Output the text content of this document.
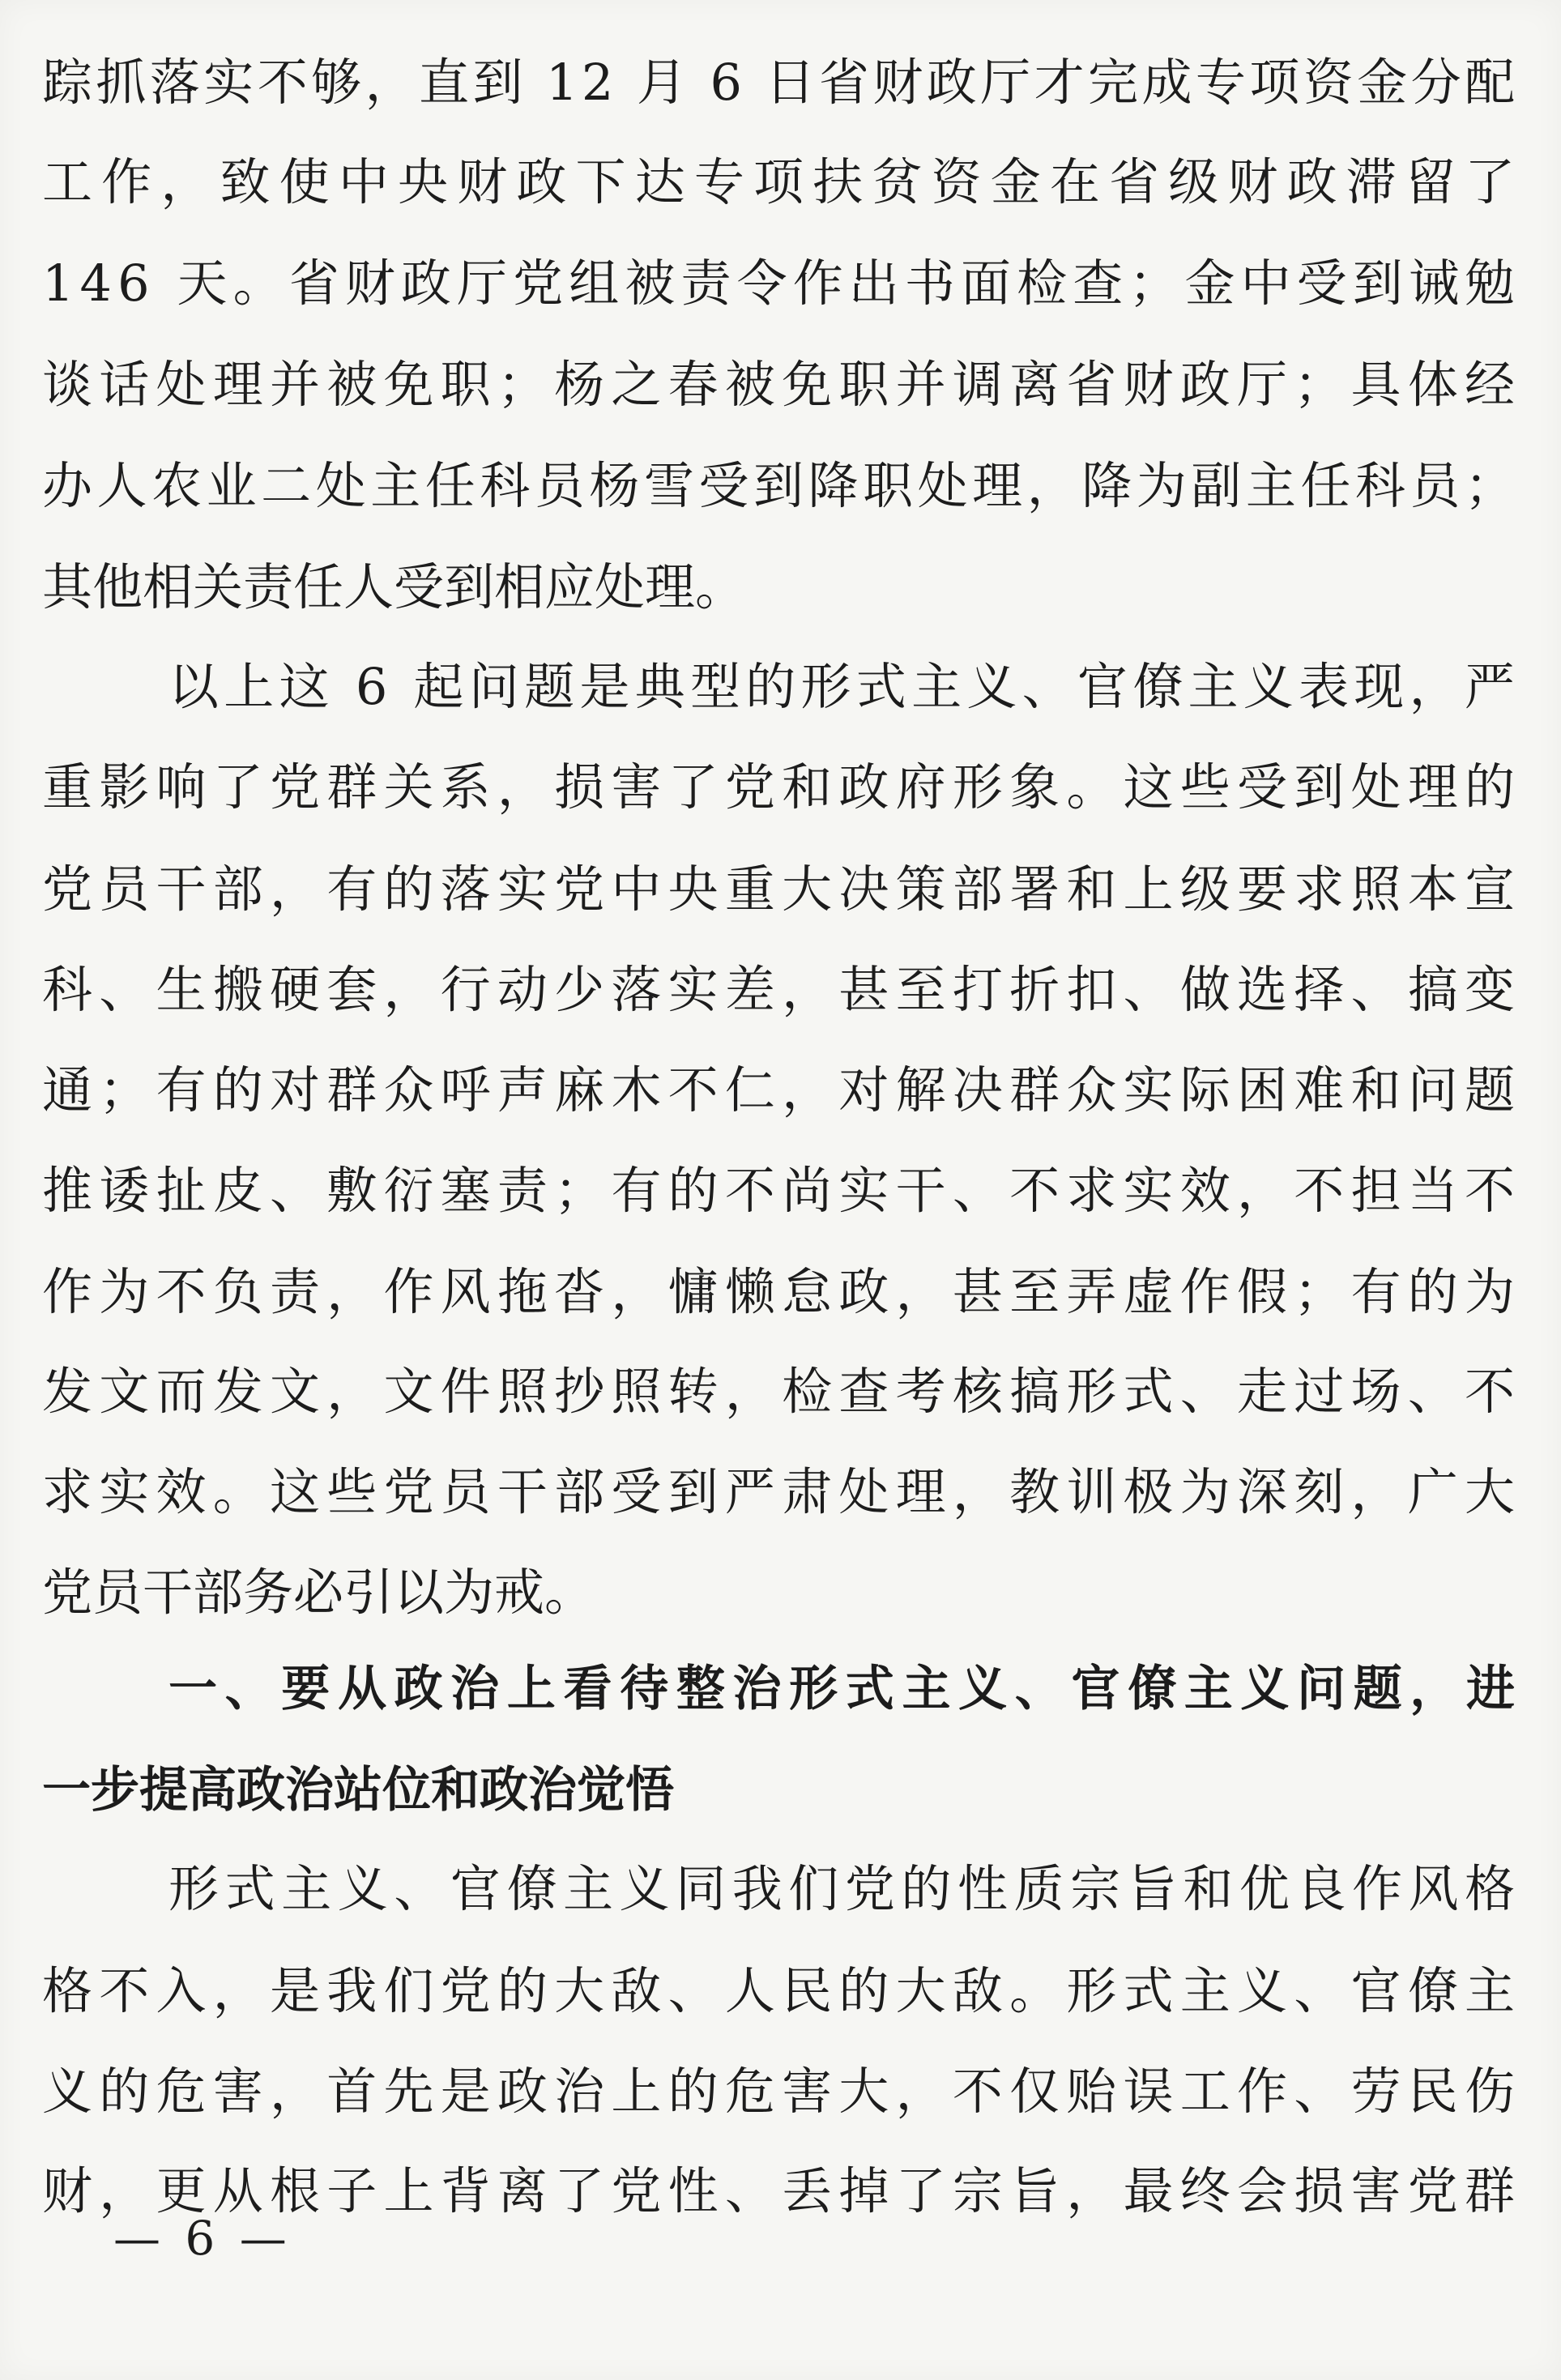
踪抓落实不够，直到 12 月 6 日省财政厅才完成专项资金分配
工作，致使中央财政下达专项扶贫资金在省级财政滞留了
146 天。省财政厅党组被责令作出书面检查；金中受到诫勉
谈话处理并被免职；杨之春被免职并调离省财政厅；具体经
办人农业二处主任科员杨雪受到降职处理，降为副主任科员；
其他相关责任人受到相应处理。
以上这 6 起问题是典型的形式主义、官僚主义表现，严
重影响了党群关系，损害了党和政府形象。这些受到处理的
党员干部，有的落实党中央重大决策部署和上级要求照本宣
科、生搬硬套，行动少落实差，甚至打折扣、做选择、搞变
通；有的对群众呼声麻木不仁，对解决群众实际困难和问题
推诿扯皮、敷衍塞责；有的不尚实干、不求实效，不担当不
作为不负责，作风拖沓，慵懒怠政，甚至弄虚作假；有的为
发文而发文，文件照抄照转，检查考核搞形式、走过场、不
求实效。这些党员干部受到严肃处理，教训极为深刻，广大
党员干部务必引以为戒。
一、要从政治上看待整治形式主义、官僚主义问题，进
一步提高政治站位和政治觉悟
形式主义、官僚主义同我们党的性质宗旨和优良作风格
格不入，是我们党的大敌、人民的大敌。形式主义、官僚主
义的危害，首先是政治上的危害大，不仅贻误工作、劳民伤
财，更从根子上背离了党性、丢掉了宗旨，最终会损害党群
— 6 —
